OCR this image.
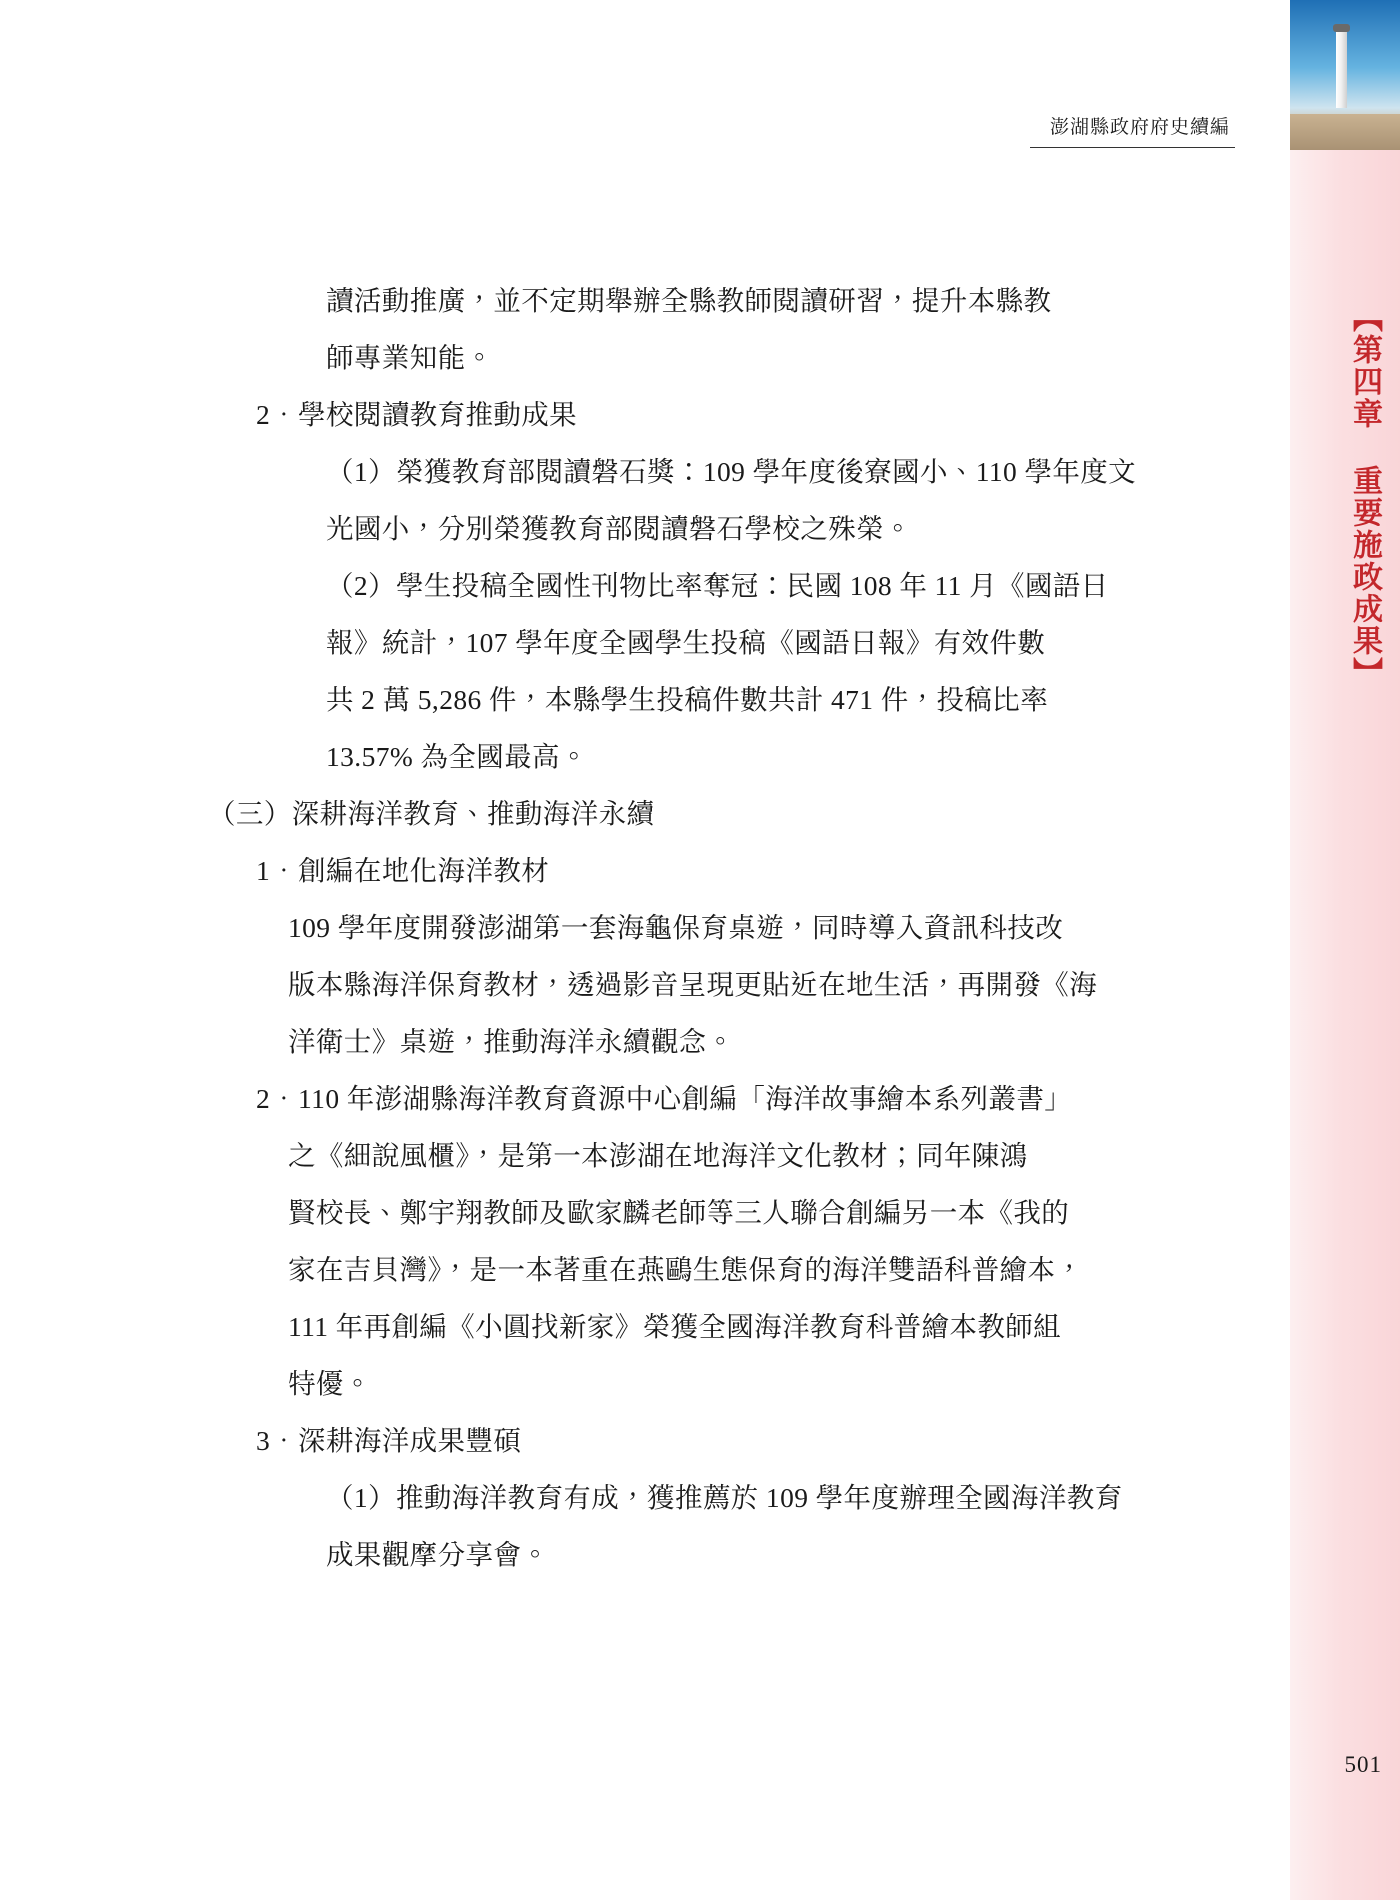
澎湖縣政府府史續編
【第四章 重要施政成果】
讀活動推廣，並不定期舉辦全縣教師閱讀研習，提升本縣教
師專業知能。
2．學校閱讀教育推動成果
（1）榮獲教育部閱讀磐石獎：109 學年度後寮國小、110 學年度文
光國小，分別榮獲教育部閱讀磐石學校之殊榮。
（2）學生投稿全國性刊物比率奪冠：民國 108 年 11 月《國語日
報》統計，107 學年度全國學生投稿《國語日報》有效件數
共 2 萬 5,286 件，本縣學生投稿件數共計 471 件，投稿比率
13.57% 為全國最高。
（三）深耕海洋教育、推動海洋永續
1．創編在地化海洋教材
109 學年度開發澎湖第一套海龜保育桌遊，同時導入資訊科技改
版本縣海洋保育教材，透過影音呈現更貼近在地生活，再開發《海
洋衛士》桌遊，推動海洋永續觀念。
2．110 年澎湖縣海洋教育資源中心創編「海洋故事繪本系列叢書」
之《細說風櫃》，是第一本澎湖在地海洋文化教材；同年陳鴻
賢校長、鄭宇翔教師及歐家麟老師等三人聯合創編另一本《我的
家在吉貝灣》，是一本著重在燕鷗生態保育的海洋雙語科普繪本，
111 年再創編《小圓找新家》榮獲全國海洋教育科普繪本教師組
特優。
3．深耕海洋成果豐碩
（1）推動海洋教育有成，獲推薦於 109 學年度辦理全國海洋教育
成果觀摩分享會。
501
